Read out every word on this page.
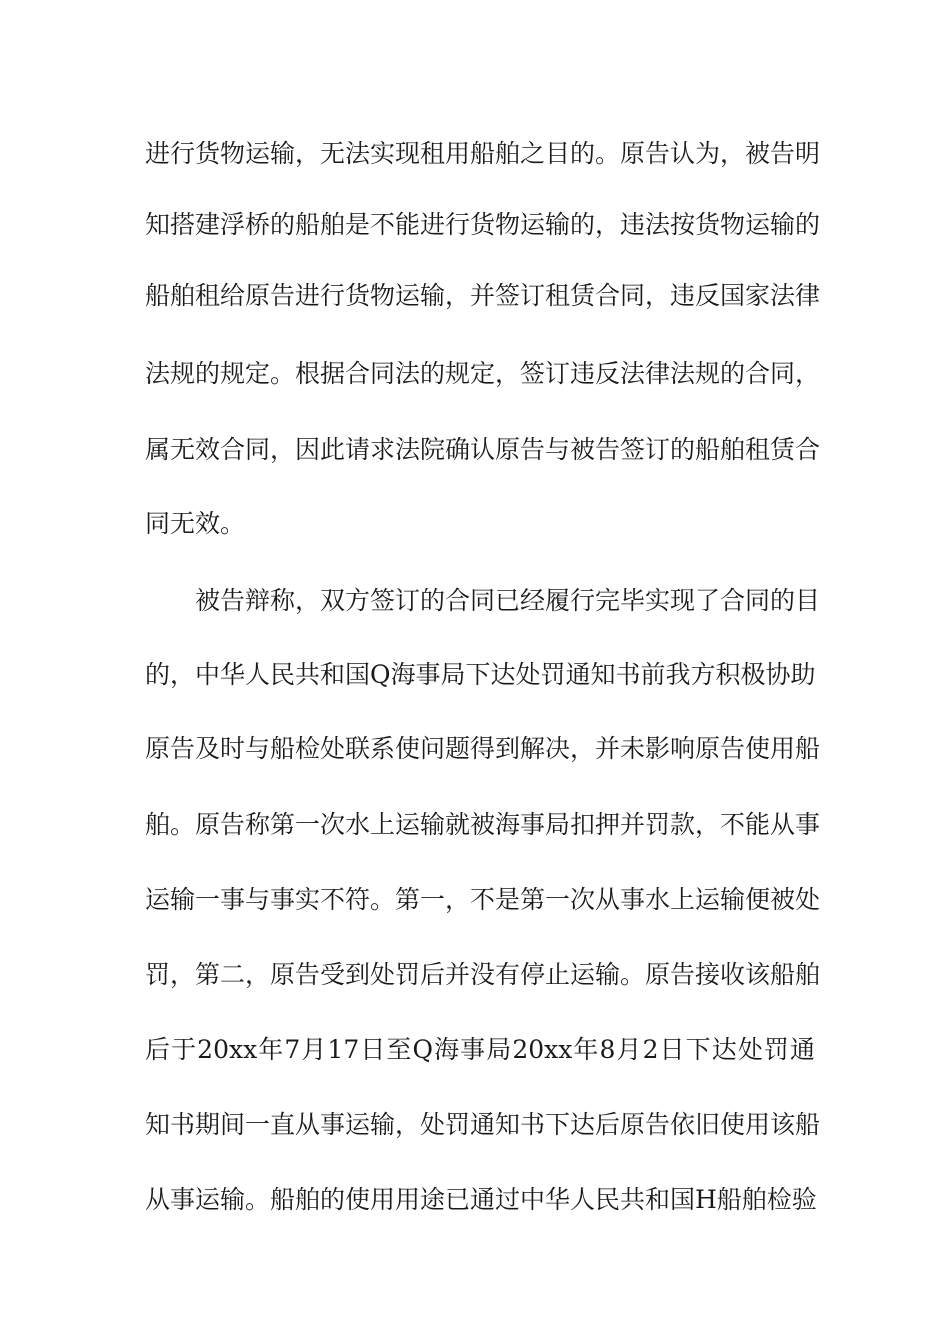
进行货物运输，无法实现租用船舶之目的。原告认为，被告明
知搭建浮桥的船舶是不能进行货物运输的，违法按货物运输的
船舶租给原告进行货物运输，并签订租赁合同，违反国家法律
法规的规定。根据合同法的规定，签订违反法律法规的合同，
属无效合同，因此请求法院确认原告与被告签订的船舶租赁合
同无效。
被告辩称，双方签订的合同已经履行完毕实现了合同的目
的，中华人民共和国Q海事局下达处罚通知书前我方积极协助
原告及时与船检处联系使问题得到解决，并未影响原告使用船
舶。原告称第一次水上运输就被海事局扣押并罚款，不能从事
运输一事与事实不符。第一，不是第一次从事水上运输便被处
罚，第二，原告受到处罚后并没有停止运输。原告接收该船舶
后于20xx年7月17日至Q海事局20xx年8月2日下达处罚通
知书期间一直从事运输，处罚通知书下达后原告依旧使用该船
从事运输。船舶的使用用途已通过中华人民共和国H船舶检验
